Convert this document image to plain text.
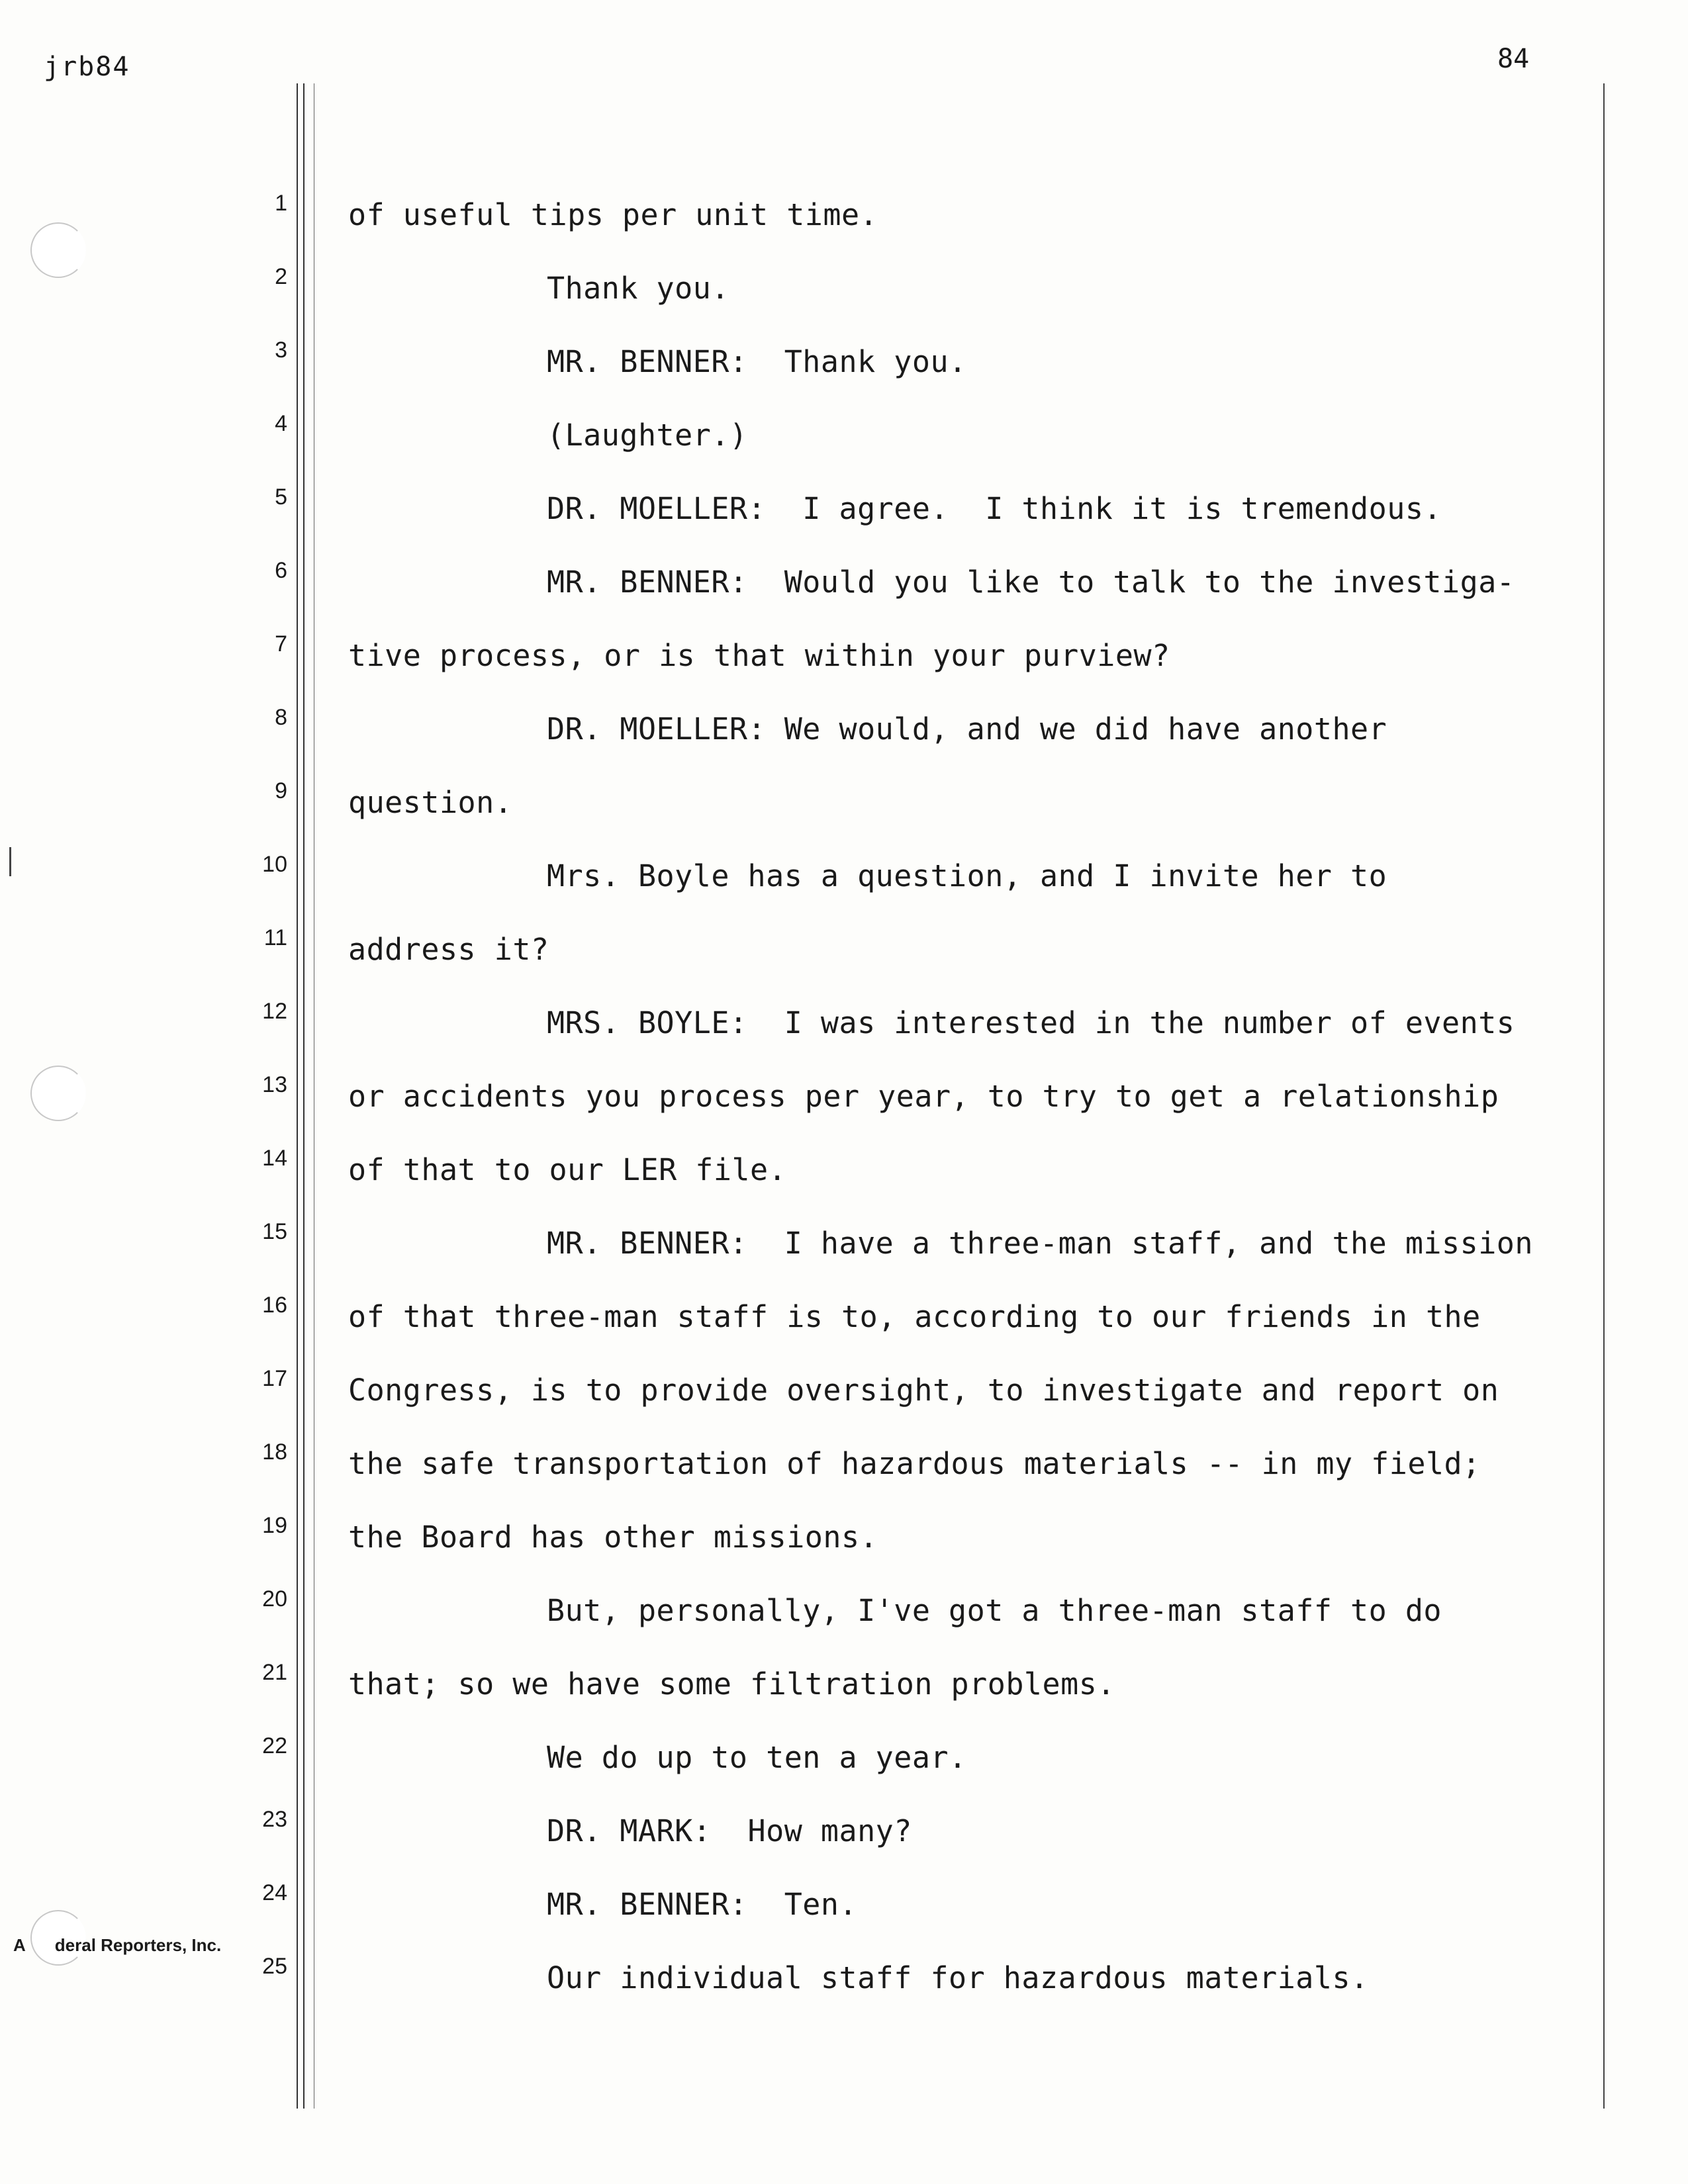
jrb84	84
1
2
3
4
5
6
7
8
9
10
11
12
13
14
15
16
17
18
19
20
21
22
23
24
25
of useful tips per unit time.
Thank you.
MR. BENNER:  Thank you.
(Laughter.)
DR. MOELLER:  I agree.  I think it is tremendous.
MR. BENNER:  Would you like to talk to the investiga-
tive process, or is that within your purview?
DR. MOELLER: We would, and we did have another
question.
Mrs. Boyle has a question, and I invite her to
address it?
MRS. BOYLE:  I was interested in the number of events
or accidents you process per year, to try to get a relationship
of that to our LER file.
MR. BENNER:  I have a three-man staff, and the mission
of that three-man staff is to, according to our friends in the
Congress, is to provide oversight, to investigate and report on
the safe transportation of hazardous materials -- in my field;
the Board has other missions.
But, personally, I've got a three-man staff to do
that; so we have some filtration problems.
We do up to ten a year.
DR. MARK:  How many?
MR. BENNER:  Ten.
Our individual staff for hazardous materials.
A deral Reporters, Inc.
